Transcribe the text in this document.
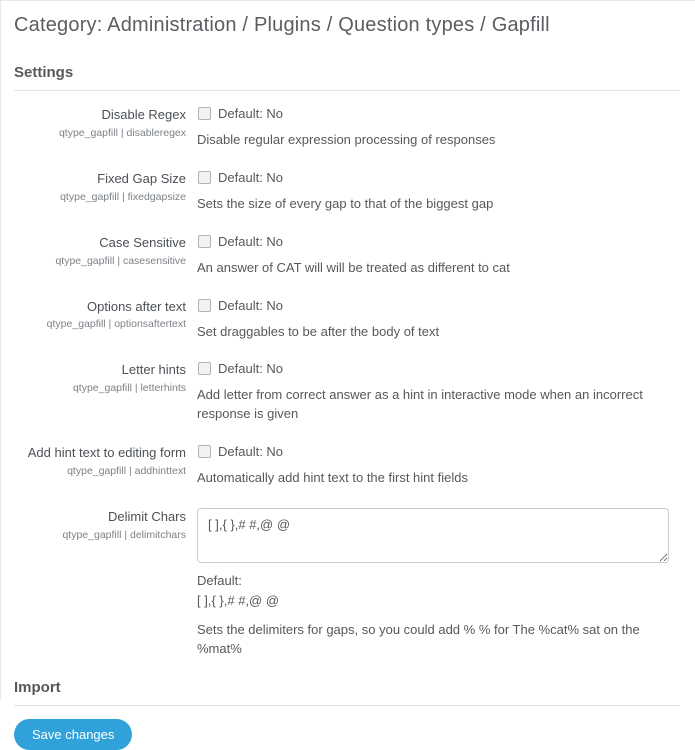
Category: Administration / Plugins / Question types / Gapfill
Settings
Disable Regex
qtype_gapfill | disableregex
Default: No
Disable regular expression processing of responses
Fixed Gap Size
qtype_gapfill | fixedgapsize
Default: No
Sets the size of every gap to that of the biggest gap
Case Sensitive
qtype_gapfill | casesensitive
Default: No
An answer of CAT will will be treated as different to cat
Options after text
qtype_gapfill | optionsaftertext
Default: No
Set draggables to be after the body of text
Letter hints
qtype_gapfill | letterhints
Default: No
Add letter from correct answer as a hint in interactive mode when an incorrect response is given
Add hint text to editing form
qtype_gapfill | addhinttext
Default: No
Automatically add hint text to the first hint fields
Delimit Chars
qtype_gapfill | delimitchars
[ ],{ },# #,@ @
Default:
[ ],{ },# #,@ @
Sets the delimiters for gaps, so you could add % % for The %cat% sat on the %mat%
Import
Save changes
